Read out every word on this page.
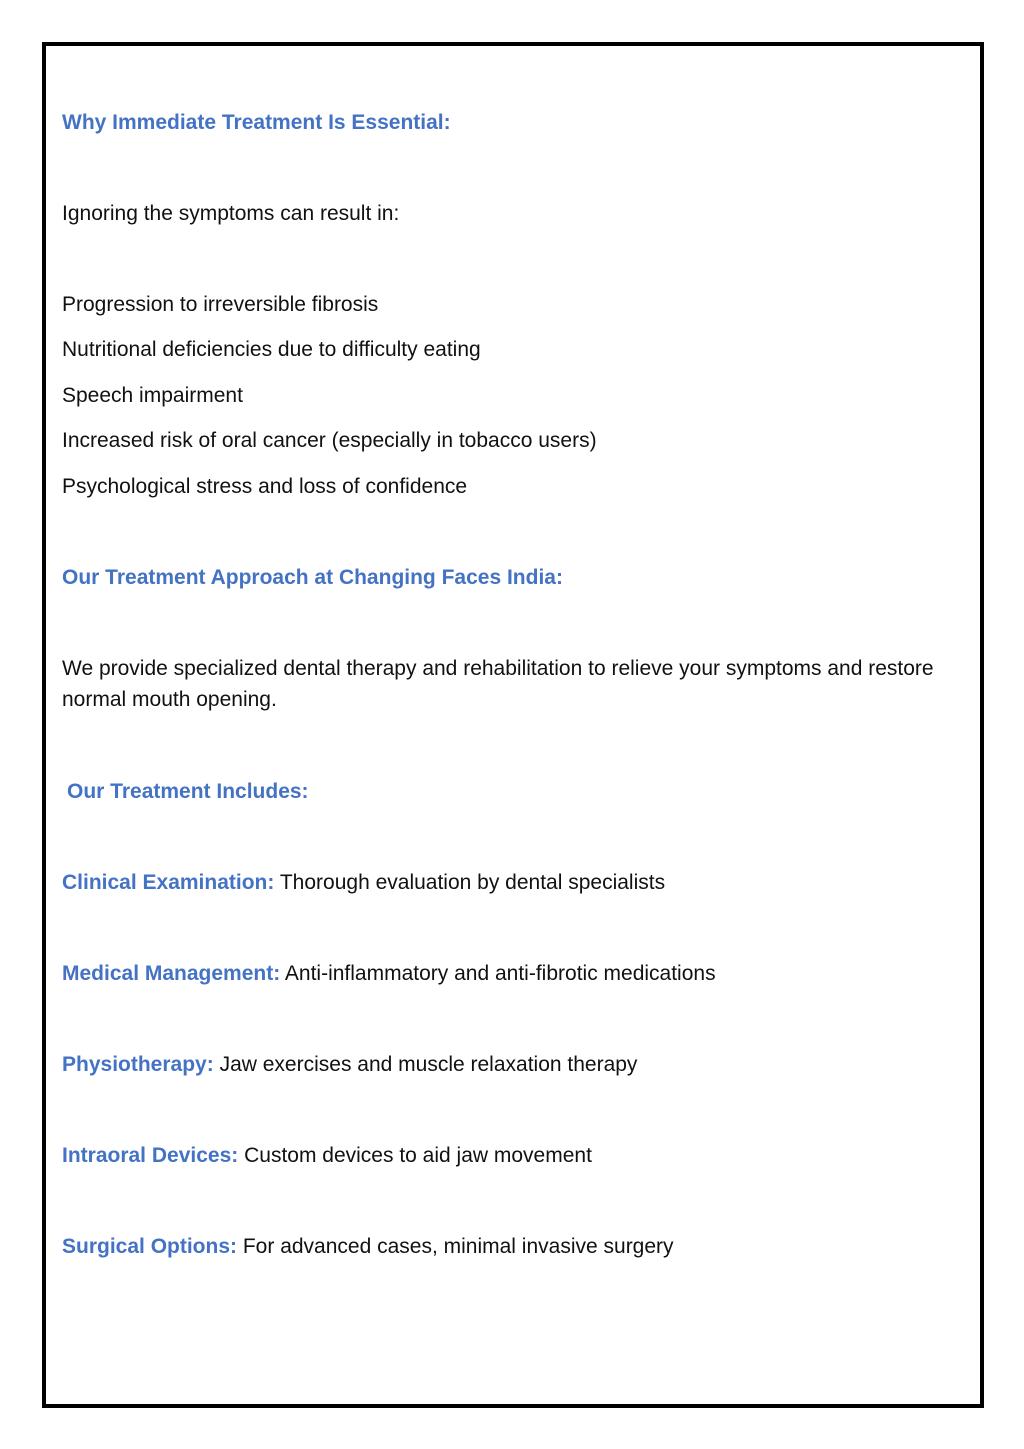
Why Immediate Treatment Is Essential:
Ignoring the symptoms can result in:
Progression to irreversible fibrosis
Nutritional deficiencies due to difficulty eating
Speech impairment
Increased risk of oral cancer (especially in tobacco users)
Psychological stress and loss of confidence
Our Treatment Approach at Changing Faces India:
We provide specialized dental therapy and rehabilitation to relieve your symptoms and restore normal mouth opening.
Our Treatment Includes:
Clinical Examination: Thorough evaluation by dental specialists
Medical Management: Anti-inflammatory and anti-fibrotic medications
Physiotherapy: Jaw exercises and muscle relaxation therapy
Intraoral Devices: Custom devices to aid jaw movement
Surgical Options: For advanced cases, minimal invasive surgery
